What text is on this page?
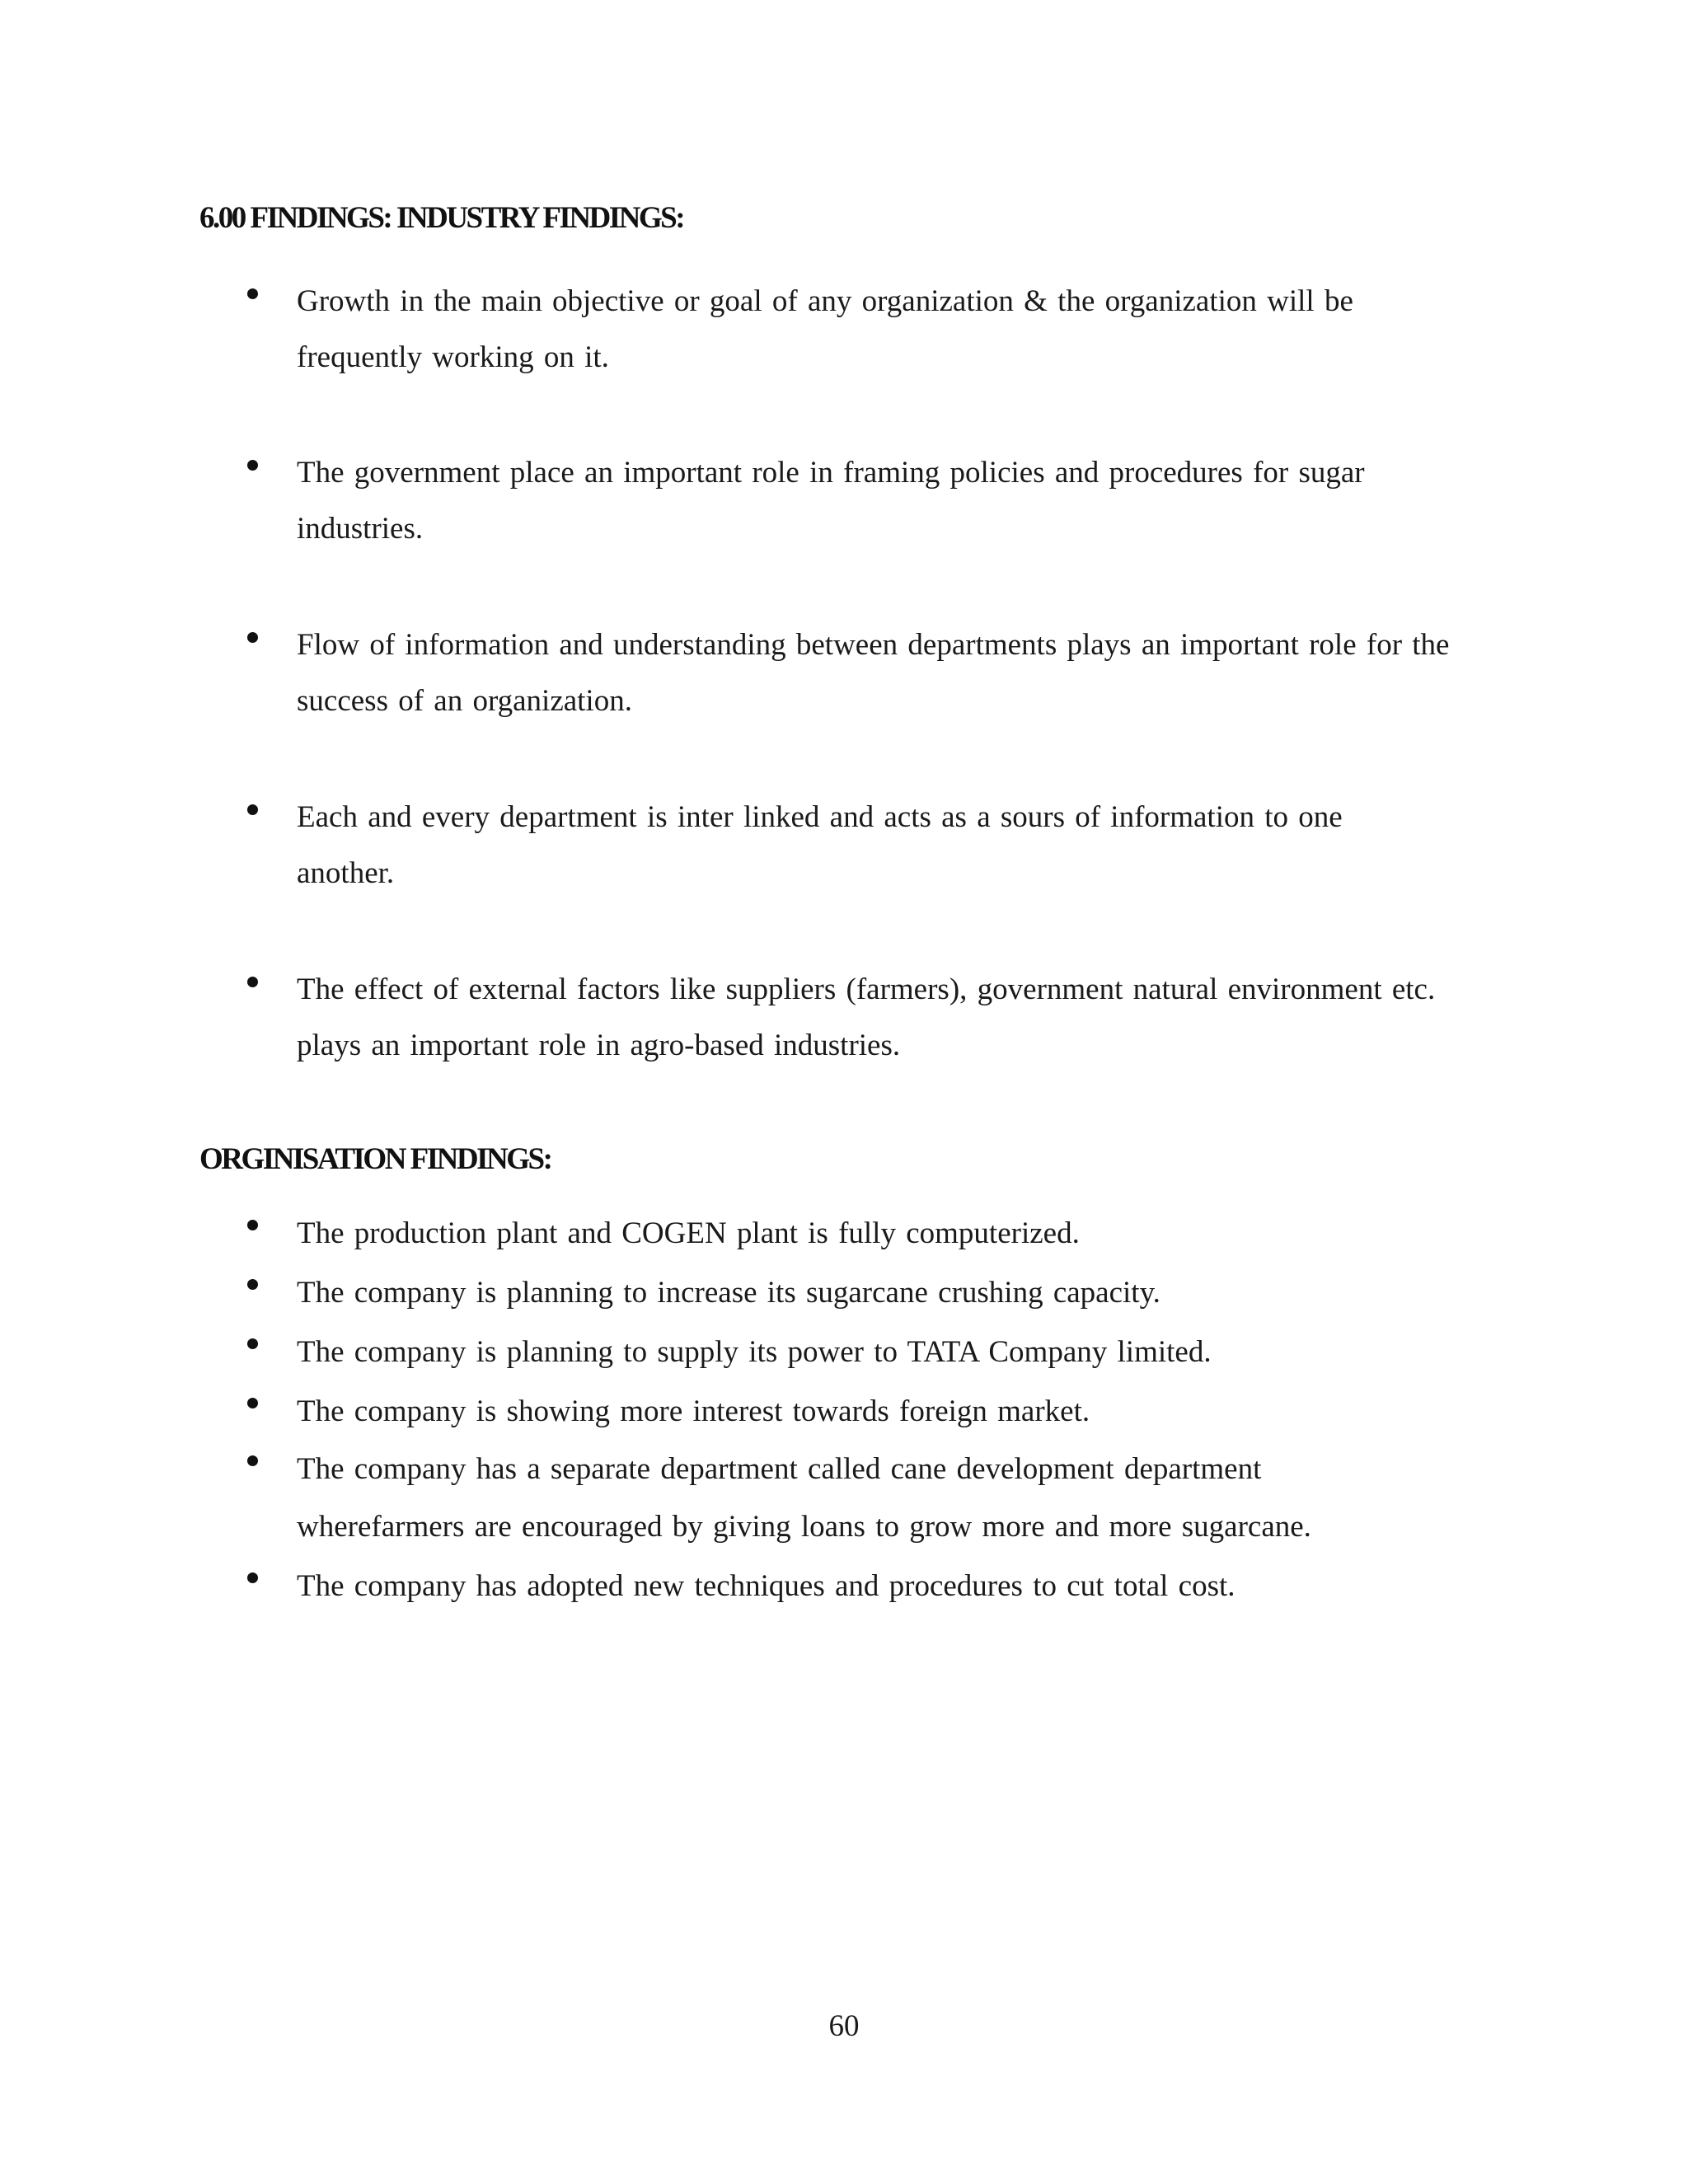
6.00 FINDINGS: INDUSTRY FINDINGS:
Growth in the main objective or goal of any organization & the organization will be frequently working on it.
The government place an important role in framing policies and procedures for sugar industries.
Flow of information and understanding between departments plays an important role for the success of an organization.
Each and every department is inter linked and acts as a sours of information to one another.
The effect of external factors like suppliers (farmers), government natural environment etc. plays an important role in agro-based industries.
ORGINISATION FINDINGS:
The production plant and COGEN plant is fully computerized.
The company is planning to increase its sugarcane crushing capacity.
The company is planning to supply its power to TATA Company limited.
The company is showing more interest towards foreign market.
The company has a separate department called cane development department wherefarmers are encouraged by giving loans to grow more and more sugarcane.
The company has adopted new techniques and procedures to cut total cost.
60
